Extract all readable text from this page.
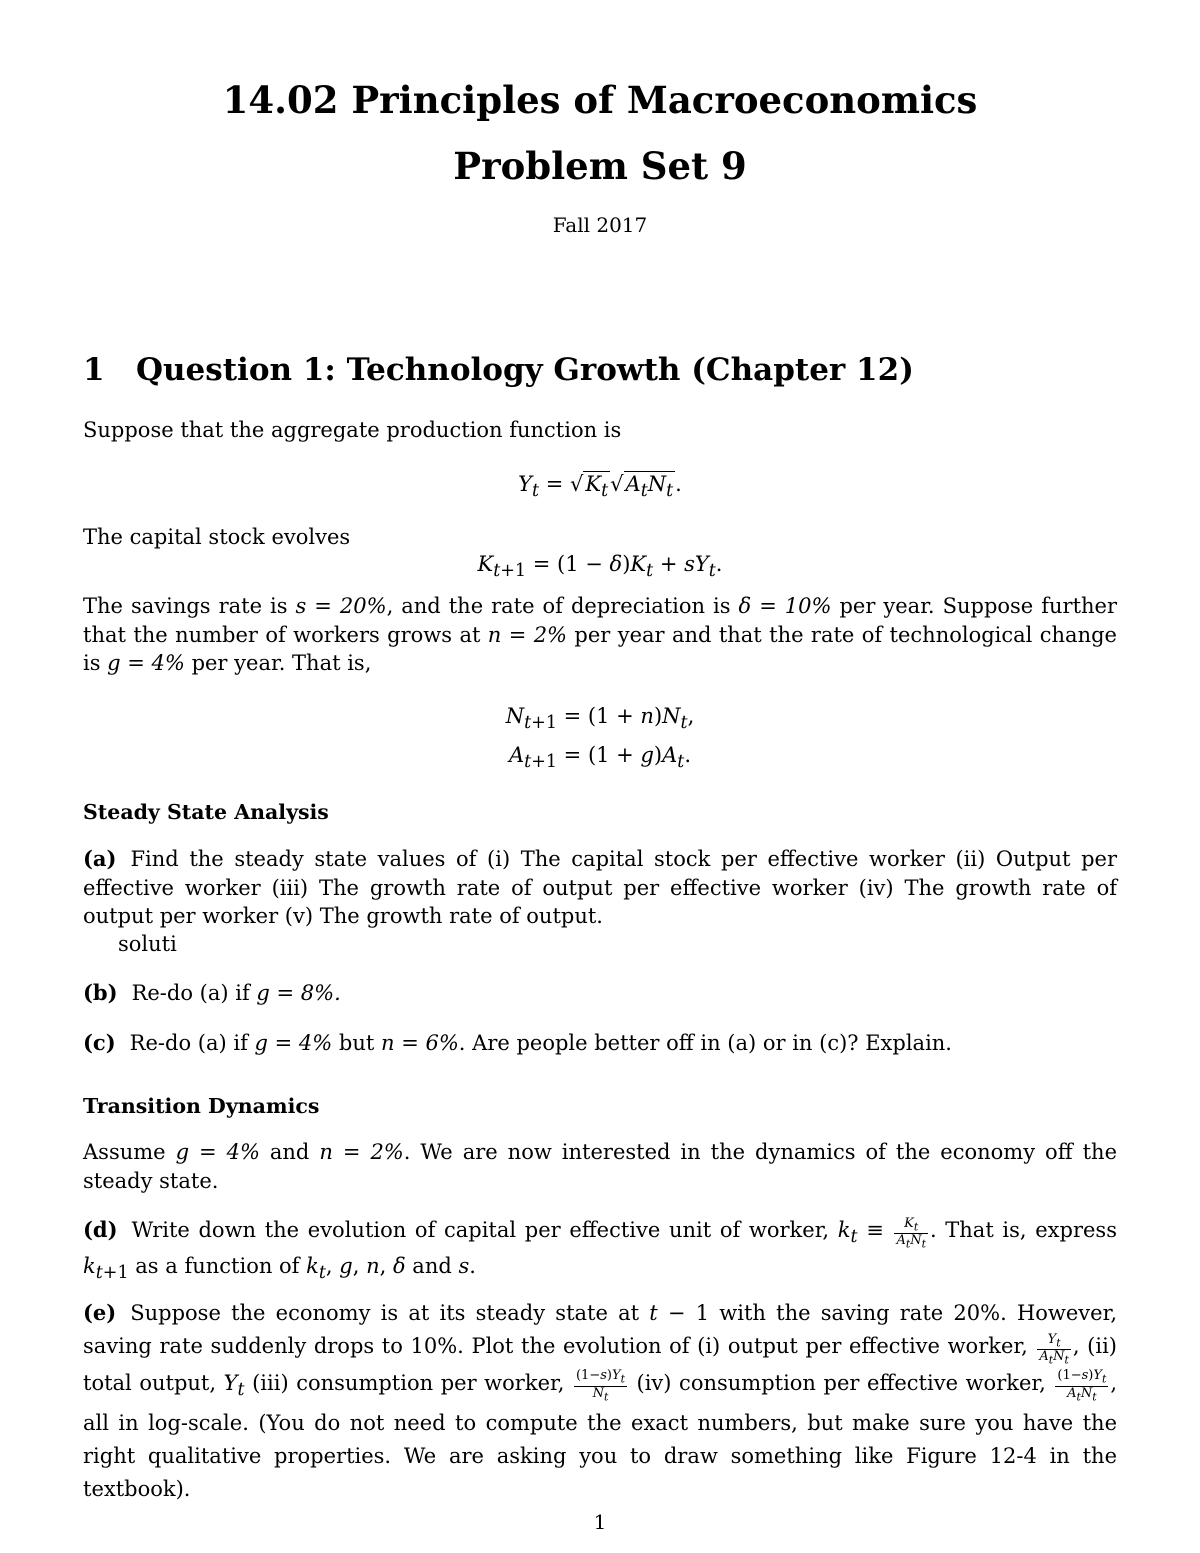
14.02 Principles of Macroeconomics
Problem Set 9
Fall 2017
1 Question 1: Technology Growth (Chapter 12)
Suppose that the aggregate production function is
$Y_t = √K_t√A_tN_t$.
The capital stock evolves
$K_{t+1} = (1 - \delta)K_t + sY_t$.
The savings rate is s = 20%, and the rate of depreciation is δ = 10% per year. Suppose further that the number of workers grows at n = 2% per year and that the rate of technological change is g = 4% per year. That is,
$N_{t+1} = (1 + n)N_t$,
$A_{t+1} = (1 + g)A_t$.
Steady State Analysis
(a) Find the steady state values of (i) The capital stock per effective worker (ii) Output per effective worker (iii) The growth rate of output per effective worker (iv) The growth rate of output per worker (v) The growth rate of output.
soluti
(b) Re-do (a) if g = 8%.
(c) Re-do (a) if g = 4% but n = 6%. Are people better off in (a) or in (c)? Explain.
Transition Dynamics
Assume g = 4% and n = 2%. We are now interested in the dynamics of the economy off the steady state.
(d) Write down the evolution of capital per effective unit of worker, $k_t \equiv \frac{K_t}{A_tN_t}$ . That is, express $k_{t+1}$ as a function of $k_t$, g, n, δ and s.
(e) Suppose the economy is at its steady state at t − 1 with the saving rate 20%. However, saving rate suddenly drops to 10%. Plot the evolution of (i) output per effective worker, $\frac{Y_t}{A_tN_t}$ , (ii) total output, $Y_t$ (iii) consumption per worker, $\frac{(1-s)Y_t}{N_t} (iv)$ consumption per effective worker, $\frac{(1-s)Y_t}{A_tN_t}$ , all in log-scale. (You do not need to compute the exact numbers, but make sure you have the right qualitative properties. We are asking you to draw something like Figure 12-4 in the textbook).
1
